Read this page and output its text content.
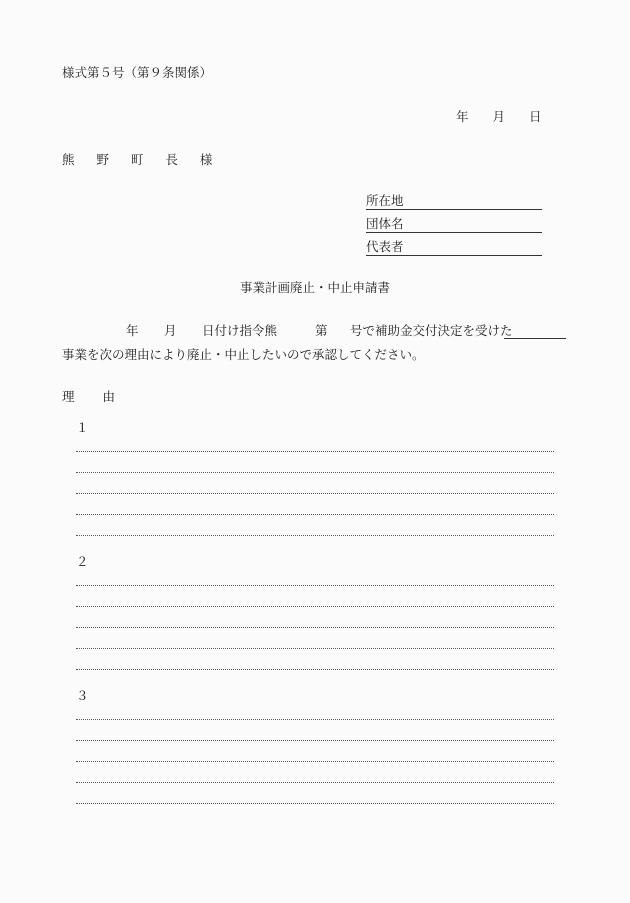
様式第５号（第９条関係）
年 月 日
熊 野 町 長 様
所在地
団体名
代表者
事業計画廃止・中止申請書
年 月 日付け指令熊	第 号で補助金交付決定を受けた
事業を次の理由により廃止・中止したいので承認してください。
理 由
１
２
３
